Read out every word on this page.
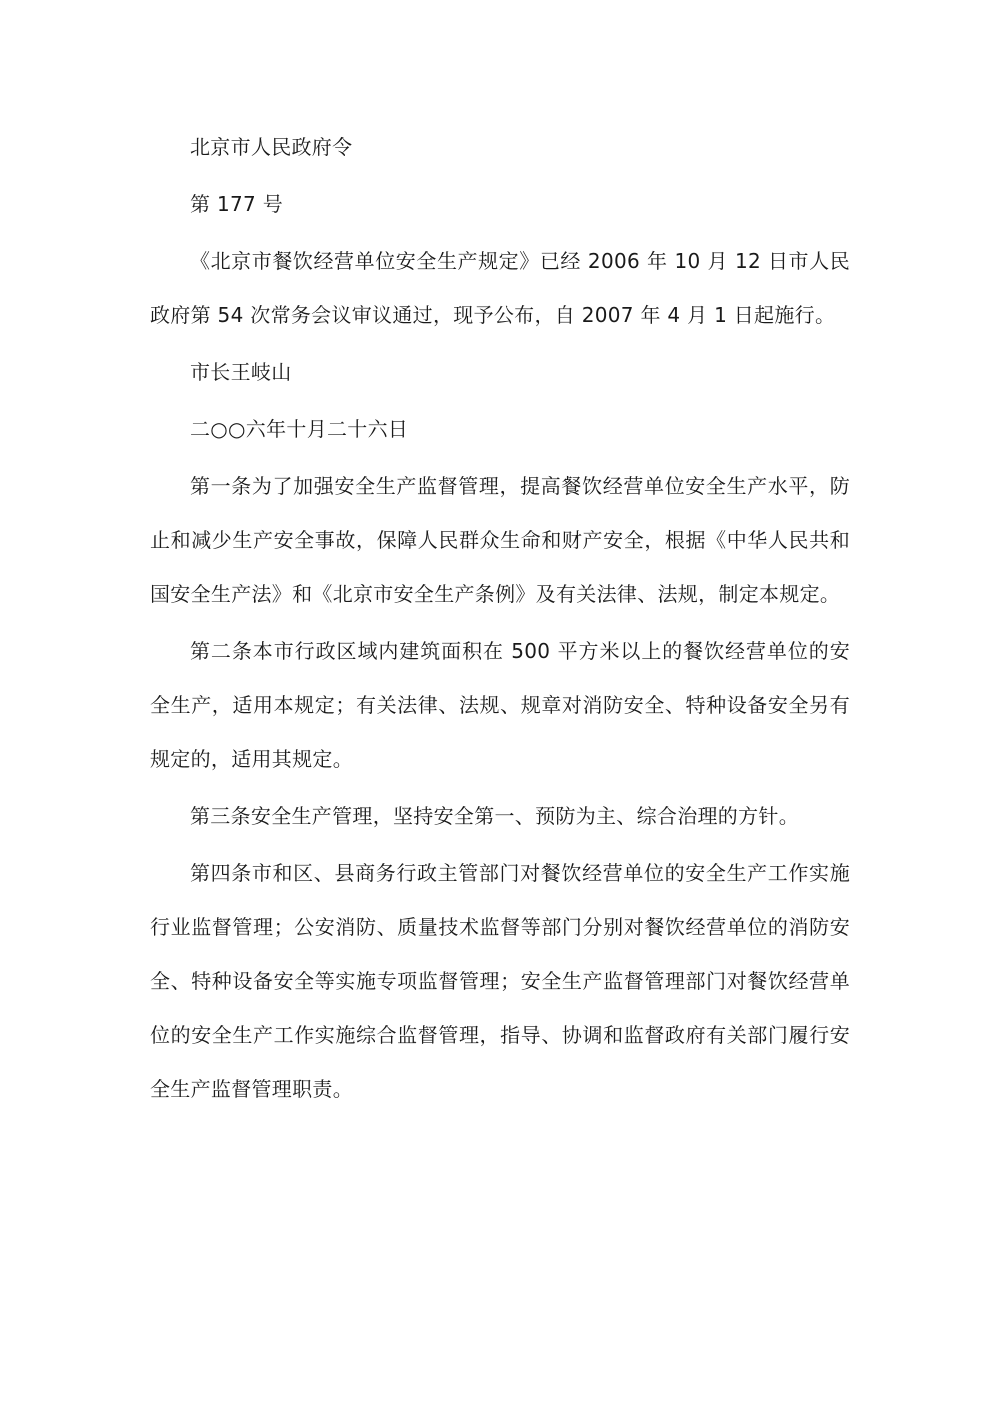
北京市人民政府令

第 177 号

《北京市餐饮经营单位安全生产规定》已经 2006 年 10 月 12 日市人民政府第 54 次常务会议审议通过，现予公布，自 2007 年 4 月 1 日起施行。

市长王岐山

二○○六年十月二十六日

第一条为了加强安全生产监督管理，提高餐饮经营单位安全生产水平，防止和减少生产安全事故，保障人民群众生命和财产安全，根据《中华人民共和国安全生产法》和《北京市安全生产条例》及有关法律、法规，制定本规定。

第二条本市行政区域内建筑面积在 500 平方米以上的餐饮经营单位的安全生产，适用本规定；有关法律、法规、规章对消防安全、特种设备安全另有规定的，适用其规定。

第三条安全生产管理，坚持安全第一、预防为主、综合治理的方针。

第四条市和区、县商务行政主管部门对餐饮经营单位的安全生产工作实施行业监督管理；公安消防、质量技术监督等部门分别对餐饮经营单位的消防安全、特种设备安全等实施专项监督管理；安全生产监督管理部门对餐饮经营单位的安全生产工作实施综合监督管理，指导、协调和监督政府有关部门履行安全生产监督管理职责。
